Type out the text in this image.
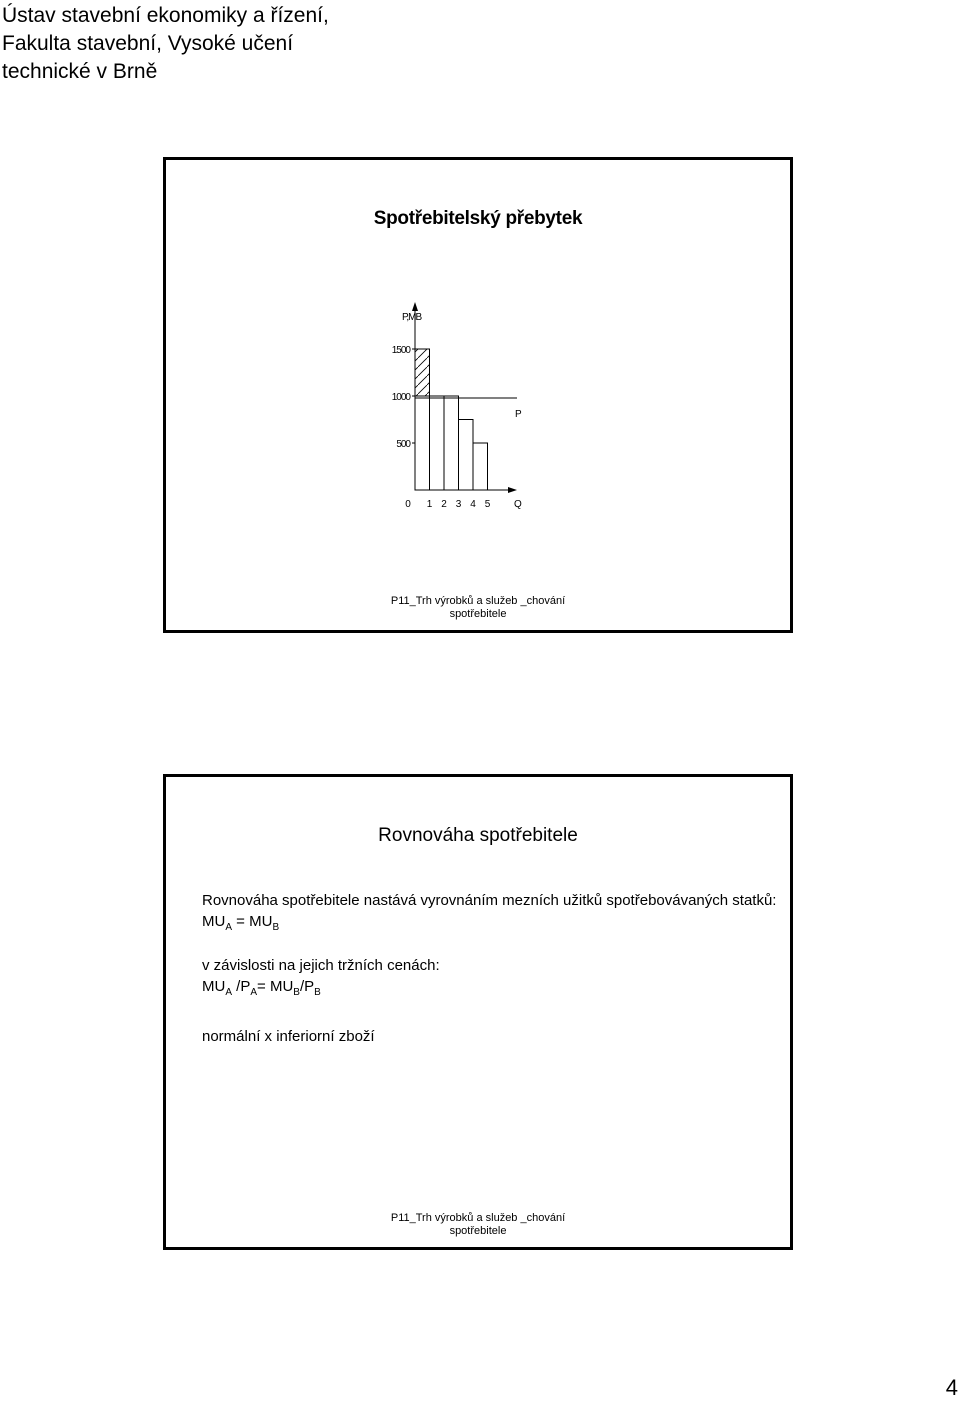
Ústav stavební ekonomiky a řízení,
Fakulta stavební, Vysoké učení
technické v Brně
Spotřebitelský přebytek
P,MB
Q
P
1500
1000
500
0 1 2 3 4 5
P11_Trh výrobků a služeb _chování
spotřebitele
Rovnováha spotřebitele

Rovnováha spotřebitele nastává vyrovnáním mezních užitků spotřebovávaných statků:

$MU_A = MU_B$

v závislosti na jejich tržních cenách:

$MU_A$ $/P_A= MU_B/P_B$

normální x inferiorní zboží

P11_Trh výrobků a služeb _chování
spotřebitele
4
